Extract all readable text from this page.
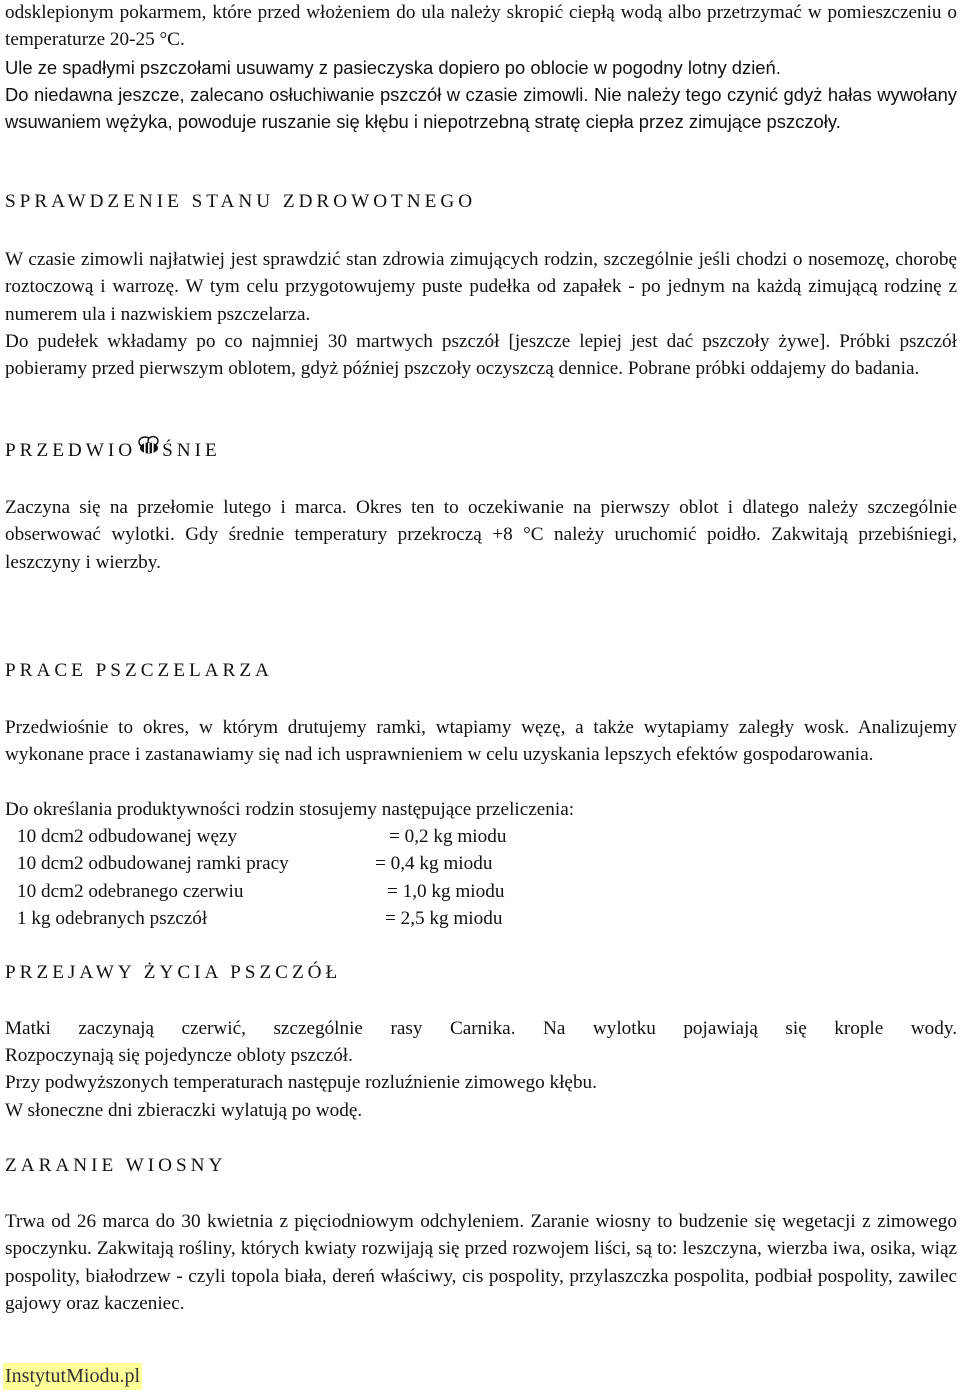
odsklepionym pokarmem, które przed włożeniem do ula należy skropić ciepłą wodą albo przetrzymać w pomieszczeniu o temperaturze 20-25 °C.

Ule ze spadłymi pszczołami usuwamy z pasieczyska dopiero po oblocie w pogodny lotny dzień.

Do niedawna jeszcze, zalecano osłuchiwanie pszczół w czasie zimowli. Nie należy tego czynić gdyż hałas wywołany wsuwaniem wężyka, powoduje ruszanie się kłębu i niepotrzebną stratę ciepła przez zimujące pszczoły.

SPRAWDZENIE STANU ZDROWOTNEGO

W czasie zimowli najłatwiej jest sprawdzić stan zdrowia zimujących rodzin, szczególnie jeśli chodzi o nosemozę, chorobę roztoczową i warrozę. W tym celu przygotowujemy puste pudełka od zapałek - po jednym na każdą zimującą rodzinę z numerem ula i nazwiskiem pszczelarza.

Do pudełek wkładamy po co najmniej 30 martwych pszczół [jeszcze lepiej jest dać pszczoły żywe]. Próbki pszczół pobieramy przed pierwszym oblotem, gdyż później pszczoły oczyszczą dennice. Pobrane próbki oddajemy do badania.

PRZEDWIO ŚNIE

Zaczyna się na przełomie lutego i marca. Okres ten to oczekiwanie na pierwszy oblot i dlatego należy szczególnie obserwować wylotki. Gdy średnie temperatury przekroczą +8 °C należy uruchomić poidło. Zakwitają przebiśniegi, leszczyny i wierzby.

PRACE PSZCZELARZA

Przedwiośnie to okres, w którym drutujemy ramki, wtapiamy węzę, a także wytapiamy zaległy wosk. Analizujemy wykonane prace i zastanawiamy się nad ich usprawnieniem w celu uzyskania lepszych efektów gospodarowania.

Do określania produktywności rodzin stosujemy następujące przeliczenia:

10 dcm2 odbudowanej węzy	= 0,2 kg miodu
10 dcm2 odbudowanej ramki pracy	= 0,4 kg miodu
10 dcm2 odebranego czerwiu	= 1,0 kg miodu
1 kg odebranych pszczół	= 2,5 kg miodu
PRZEJAWY ŻYCIA PSZCZÓŁ

Matki zaczynają czerwić, szczególnie rasy Carnika. Na wylotku pojawiają się krople wody.

Rozpoczynają się pojedyncze obloty pszczół.

Przy podwyższonych temperaturach następuje rozluźnienie zimowego kłębu.

W słoneczne dni zbieraczki wylatują po wodę.

ZARANIE WIOSNY

Trwa od 26 marca do 30 kwietnia z pięciodniowym odchyleniem. Zaranie wiosny to budzenie się wegetacji z zimowego spoczynku. Zakwitają rośliny, których kwiaty rozwijają się przed rozwojem liści, są to: leszczyna, wierzba iwa, osika, wiąz pospolity, białodrzew - czyli topola biała, dereń właściwy, cis pospolity, przylaszczka pospolita, podbiał pospolity, zawilec gajowy oraz kaczeniec.

InstytutMiodu.pl
